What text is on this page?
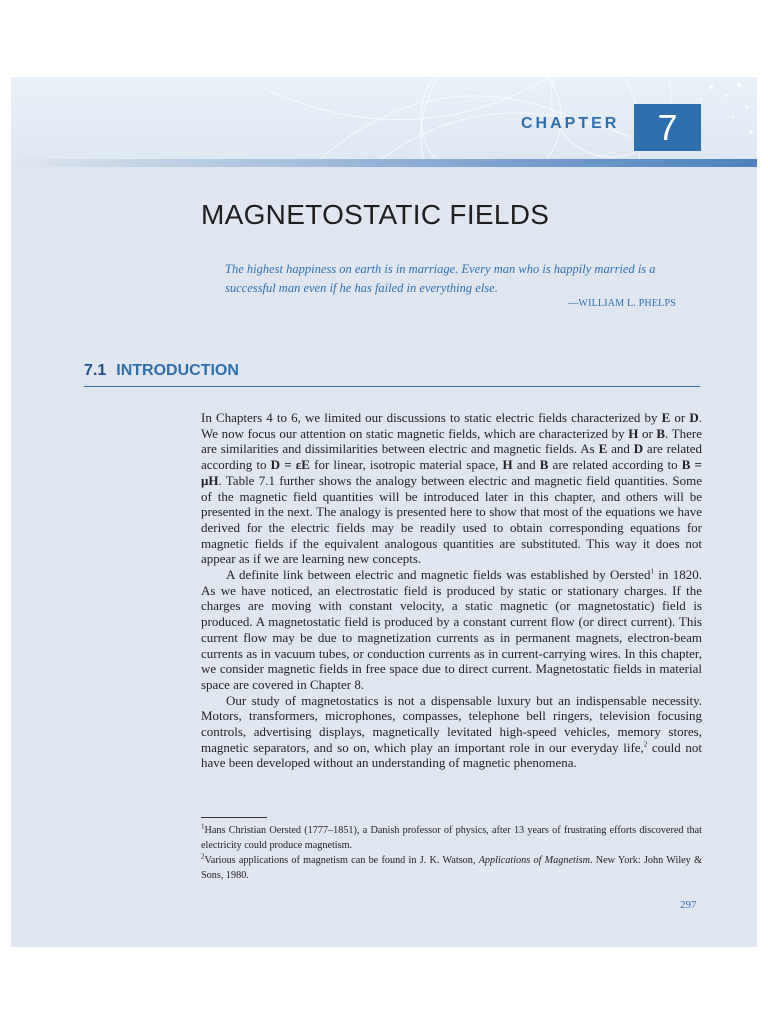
CHAPTER	7
MAGNETOSTATIC FIELDS
The highest happiness on earth is in marriage. Every man who is happily married is a
successful man even if he has failed in everything else.
—WILLIAM L. PHELPS
7.1 INTRODUCTION

In Chapters 4 to 6, we limited our discussions to static electric fields characterized by E or D. We now focus our attention on static magnetic fields, which are characterized by H or B. There are similarities and dissimilarities between electric and magnetic fields. As E and D are related according to D = εE for linear, isotropic material space, H and B are related according to B = μH. Table 7.1 further shows the analogy between electric and magnetic field quantities. Some of the magnetic field quantities will be introduced later in this chapter, and others will be presented in the next. The analogy is presented here to show that most of the equations we have derived for the electric fields may be readily used to obtain corresponding equations for magnetic fields if the equivalent analogous quantities are substituted. This way it does not appear as if we are learning new concepts.

A definite link between electric and magnetic fields was established by Oersted$^1$ in 1820. As we have noticed, an electrostatic field is produced by static or stationary charges. If the charges are moving with constant velocity, a static magnetic (or magnetostatic) field is produced. A magnetostatic field is produced by a constant current flow (or direct current). This current flow may be due to magnetization currents as in permanent magnets, electron-beam currents as in vacuum tubes, or conduction currents as in current-carrying wires. In this chapter, we consider magnetic fields in free space due to direct current. Magnetostatic fields in material space are covered in Chapter 8.

Our study of magnetostatics is not a dispensable luxury but an indispensable necessity. Motors, transformers, microphones, compasses, telephone bell ringers, television focusing controls, advertising displays, magnetically levitated high-speed vehicles, memory stores, magnetic separators, and so on, which play an important role in our everyday life,$^2$ could not have been developed without an understanding of magnetic phenomena.

$^1$Hans Christian Oersted (1777–1851), a Danish professor of physics, after 13 years of frustrating efforts discovered that electricity could produce magnetism.

$^2$Various applications of magnetism can be found in J. K. Watson, Applications of Magnetism. New York: John Wiley & Sons, 1980.

297
